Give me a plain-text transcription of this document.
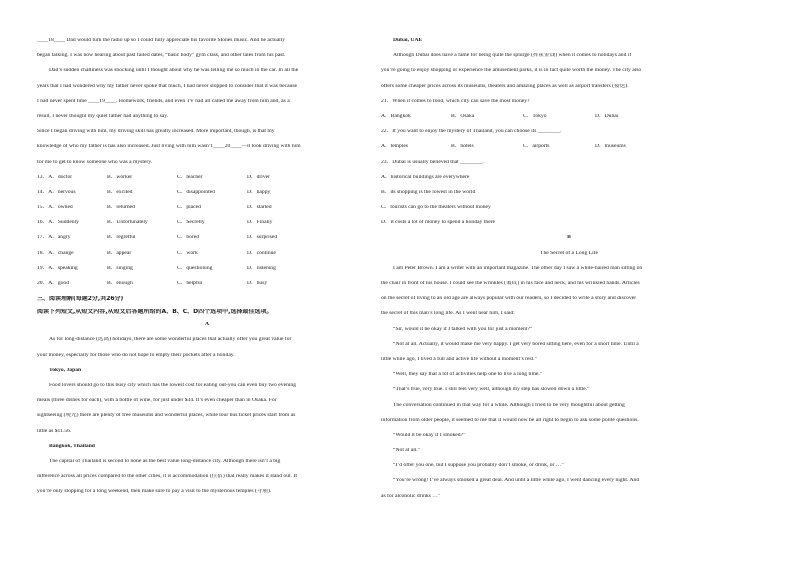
____18____ Dad would turn the radio up so I could fully appreciate his favorite Stones music. And he actually
began talking. I was now hearing about past failed dates, “basic body” gym class, and other tales from his past.
Dad’s sudden chattiness was shocking until I thought about why he was telling me so much in the car. In all the
years that I had wondered why my father never spoke that much, I had never stopped to consider that it was because
I had never spent time ____19____. Homework, friends, and even TV had all called me away from him and, as a
result, I never thought my quiet father had anything to say.
Since I began driving with him, my driving skill has greatly increased. More important, though, is that my
knowledge of who my father is has also increased. Just living with him wasn’t ____20____—it took driving with him
for me to get to know someone who was a mystery.
13．A．doctor	B．worker	C．teacher	D．driver
14．A．nervous	B．excited	C．disappointed	D．happy
15．A．owned	B．returned	C．placed	D．started
16．A．Suddenly	B．Unfortunately	C．Secretly	D．Finally
17．A．angry	B．regretful	C．bored	D．surprised
18．A．change	B．appear	C．work	D．continue
19．A．speaking	B．singing	C．questioning	D．listening
20．A．good	B．enough	C．helpful	D．busy
三、阅读理解(每题2分,共26分)
阅读下列短文,从短文内容,从短文后各题所给的A、B、C、D四个选项中,选择最佳选项。
A
As for long-distance (远离) holidays, there are some wonderful places that actually offer you great value for
your money, especially for those who do not hope to empty their pockets after a holiday.
Tokyo, Japan
Food lovers should go to this busy city which has the lowest cost for eating out-you can even buy two evening
meals (three dishes for each), with a bottle of wine, for just under $34. It’s even cheaper than in Osaka. For
sightseeing (观光) there are plenty of free museums and wonderful places, while tour bus ticket prices start from as
little as $11.56.
Bangkok, Thailand
The capital of Thailand is second to none as the best value long-distance city. Although there isn’t a big
difference across all prices compared to the other cities, it is accommodation (住宿) that really makes it stand out. If
you’re only stopping for a long weekend, then make sure to pay a visit to the mysterious temples (寺庙).
Dubai, UAE
Although Dubai does have a fame for being quite the splurge (挥霍金钱) when it comes to holidays and if
you’re going to enjoy shopping or experience the amusement parks, it is in fact quite worth the money. The city also
offers some cheaper prices across its museums, theaters and amazing places as well as airport transfers (接送).
21．When it comes to food, which city can save the most money?
A．Bangkok	B．Osaka	C．Tokyo	D．Dubai
22．If you want to enjoy the mystery of Thailand, you can choose its ________.
A．temples	B．hotels	C．airports	D．museums
23．Dubai is usually believed that ________.
A．historical buildings are everywhere
B．its shopping is the lowest in the world
C．tourists can go to the theaters without money
D．it costs a lot of money to spend a holiday there
B
The Secret of a Long Life
I am Peter Brown. I am a writer with an important magazine. The other day I saw a white-haired man sitting on
the chair in front of his house. I could see the wrinkles (皱纹) in his face and neck, and his wrinkled hands. Articles
on the secret of living to an old age are always popular with our readers, so I decided to write a story and discover
the secret of this man’s long life. As I went near him, I said:
“Sir, would it be okay if I talked with you for just a moment?”
“Not at all. Actually, it would make me very happy. I get very bored sitting here, even for a short time. Until a
little while ago, I lived a full and active life without a moment’s rest.”
“Well, they say that a lot of activities help one to live a long time.”
“That’s true, very true. I still feel very well, although my step has slowed down a little.”
The conversation continued in that way for a while. Although I tried to be very thoughtful about getting
information from older people, it seemed to me that it would now be all right to begin to ask some polite questions.
“Would it be okay if I smoked?”
“Not at all.”
“I’d offer you one, but I suppose you probably don’t smoke, or drink, or …”
“You’re wrong! I’ve always smoked a great deal. And until a little while ago, I went dancing every night. And
as for alcoholic drinks …”
